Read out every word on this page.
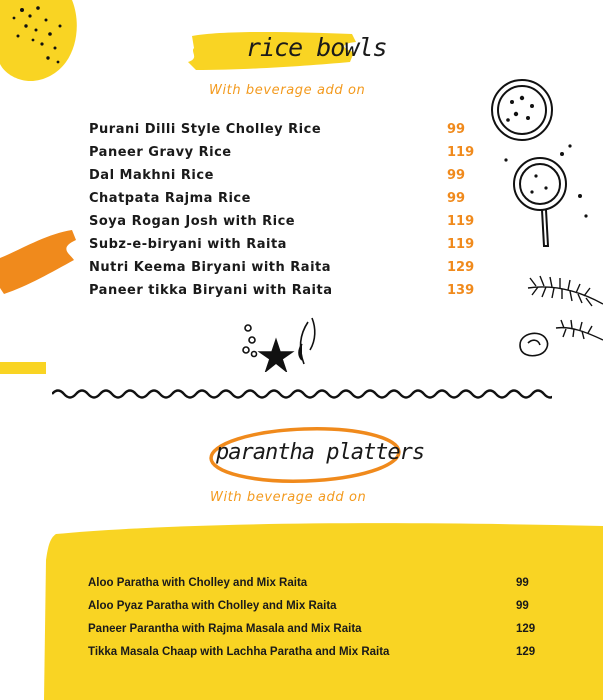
rice bowls
With beverage add on
Purani Dilli Style Cholley Rice	99
Paneer Gravy Rice	119
Dal Makhni Rice	99
Chatpata Rajma Rice	99
Soya Rogan Josh with Rice	119
Subz-e-biryani with Raita	119
Nutri Keema Biryani with Raita	129
Paneer tikka Biryani with Raita	139
parantha platters
With beverage add on
Aloo Paratha with Cholley and Mix Raita	99
Aloo Pyaz Paratha with Cholley and Mix Raita	99
Paneer Parantha with Rajma Masala and Mix Raita	129
Tikka Masala Chaap with Lachha Paratha and Mix Raita	129
